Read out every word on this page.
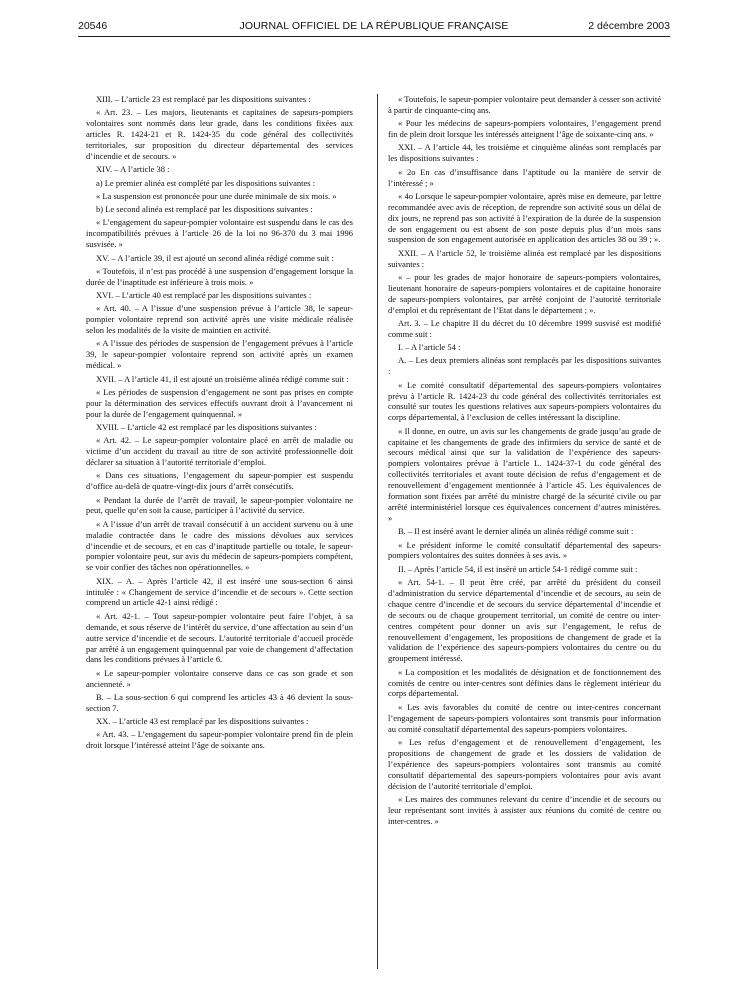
20546	JOURNAL OFFICIEL DE LA RÉPUBLIQUE FRANÇAISE	2 décembre 2003

XIII. – L’article 23 est remplacé par les dispositions suivantes :

« Art. 23. – Les majors, lieutenants et capitaines de sapeurs-pompiers volontaires sont nommés dans leur grade, dans les conditions fixées aux articles R. 1424-21 et R. 1424-35 du code général des collectivités territoriales, sur proposition du directeur départemental des services d’incendie et de secours. »

XIV. – A l’article 38 :

a) Le premier alinéa est complété par les dispositions suivantes :

« La suspension est prononcée pour une durée minimale de six mois. »

b) Le second alinéa est remplacé par les dispositions suivantes :

« L’engagement du sapeur-pompier volontaire est suspendu dans le cas des incompatibilités prévues à l’article 26 de la loi no 96-370 du 3 mai 1996 susvisée. »

XV. – A l’article 39, il est ajouté un second alinéa rédigé comme suit :

« Toutefois, il n’est pas procédé à une suspension d’engagement lorsque la durée de l’inaptitude est inférieure à trois mois. »

XVI. – L’article 40 est remplacé par les dispositions suivantes :

« Art. 40. – A l’issue d’une suspension prévue à l’article 38, le sapeur-pompier volontaire reprend son activité après une visite médicale réalisée selon les modalités de la visite de maintien en activité.

« A l’issue des périodes de suspension de l’engagement prévues à l’article 39, le sapeur-pompier volontaire reprend son activité après un examen médical. »

XVII. – A l’article 41, il est ajouté un troisième alinéa rédigé comme suit :

« Les périodes de suspension d’engagement ne sont pas prises en compte pour la détermination des services effectifs ouvrant droit à l’avancement ni pour la durée de l’engagement quinquennal. »

XVIII. – L’article 42 est remplacé par les dispositions suivantes :

« Art. 42. – Le sapeur-pompier volontaire placé en arrêt de maladie ou victime d’un accident du travail au titre de son activité professionnelle doit déclarer sa situation à l’autorité territoriale d’emploi.

« Dans ces situations, l’engagement du sapeur-pompier est suspendu d’office au-delà de quatre-vingt-dix jours d’arrêt consécutifs.

« Pendant la durée de l’arrêt de travail, le sapeur-pompier volontaire ne peut, quelle qu’en soit la cause, participer à l’activité du service.

« A l’issue d’un arrêt de travail consécutif à un accident survenu ou à une maladie contractée dans le cadre des missions dévolues aux services d’incendie et de secours, et en cas d’inaptitude partielle ou totale, le sapeur-pompier volontaire peut, sur avis du médecin de sapeurs-pompiers compétent, se voir confier des tâches non opérationnelles. »

XIX. – A. – Après l’article 42, il est inséré une sous-section 6 ainsi intitulée : « Changement de service d’incendie et de secours ». Cette section comprend un article 42-1 ainsi rédigé :

« Art. 42-1. – Tout sapeur-pompier volontaire peut faire l’objet, à sa demande, et sous réserve de l’intérêt du service, d’une affectation au sein d’un autre service d’incendie et de secours. L’autorité territoriale d’accueil procède par arrêté à un engagement quinquennal par voie de changement d’affectation dans les conditions prévues à l’article 6.

« Le sapeur-pompier volontaire conserve dans ce cas son grade et son ancienneté. »

B. – La sous-section 6 qui comprend les articles 43 à 46 devient la sous-section 7.

XX. – L’article 43 est remplacé par les dispositions suivantes :

« Art. 43. – L’engagement du sapeur-pompier volontaire prend fin de plein droit lorsque l’intéressé atteint l’âge de soixante ans.

« Toutefois, le sapeur-pompier volontaire peut demander à cesser son activité à partir de cinquante-cinq ans.

« Pour les médecins de sapeurs-pompiers volontaires, l’engagement prend fin de plein droit lorsque les intéressés atteignent l’âge de soixante-cinq ans. »

XXI. – A l’article 44, les troisième et cinquième alinéas sont remplacés par les dispositions suivantes :

« 2o En cas d’insuffisance dans l’aptitude ou la manière de servir de l’intéressé ; »

« 4o Lorsque le sapeur-pompier volontaire, après mise en demeure, par lettre recommandée avec avis de réception, de reprendre son activité sous un délai de dix jours, ne reprend pas son activité à l’expiration de la durée de la suspension de son engagement ou est absent de son poste depuis plus d’un mois sans suspension de son engagement autorisée en application des articles 38 ou 39 ; ».

XXII. – A l’article 52, le troisième alinéa est remplacé par les dispositions suivantes :

« – pour les grades de major honoraire de sapeurs-pompiers volontaires, lieutenant honoraire de sapeurs-pompiers volontaires et de capitaine honoraire de sapeurs-pompiers volontaires, par arrêté conjoint de l’autorité territoriale d’emploi et du représentant de l’Etat dans le département ; ».

Art. 3. – Le chapitre II du décret du 10 décembre 1999 susvisé est modifié comme suit :

I. – A l’article 54 :

A. – Les deux premiers alinéas sont remplacés par les dispositions suivantes :

« Le comité consultatif départemental des sapeurs-pompiers volontaires prévu à l’article R. 1424-23 du code général des collectivités territoriales est consulté sur toutes les questions relatives aux sapeurs-pompiers volontaires du corps départemental, à l’exclusion de celles intéressant la discipline.

« Il donne, en outre, un avis sur les changements de grade jusqu’au grade de capitaine et les changements de grade des infirmiers du service de santé et de secours médical ainsi que sur la validation de l’expérience des sapeurs-pompiers volontaires prévue à l’article L. 1424-37-1 du code général des collectivités territoriales et avant toute décision de refus d’engagement et de renouvellement d’engagement mentionnée à l’article 45. Les équivalences de formation sont fixées par arrêté du ministre chargé de la sécurité civile ou par arrêté interministériel lorsque ces équivalences concernent d’autres ministères. »

B. – Il est inséré avant le dernier alinéa un alinéa rédigé comme suit :

« Le président informe le comité consultatif départemental des sapeurs-pompiers volontaires des suites données à ses avis. »

II. – Après l’article 54, il est inséré un article 54-1 rédigé comme suit :

« Art. 54-1. – Il peut être créé, par arrêté du président du conseil d’administration du service départemental d’incendie et de secours, au sein de chaque centre d’incendie et de secours du service départemental d’incendie et de secours ou de chaque groupement territorial, un comité de centre ou inter-centres compétent pour donner un avis sur l’engagement, le refus de renouvellement d’engagement, les propositions de changement de grade et la validation de l’expérience des sapeurs-pompiers volontaires du centre ou du groupement intéressé.

« La composition et les modalités de désignation et de fonctionnement des comités de centre ou inter-centres sont définies dans le règlement intérieur du corps départemental.

« Les avis favorables du comité de centre ou inter-centres concernant l’engagement de sapeurs-pompiers volontaires sont transmis pour information au comité consultatif départemental des sapeurs-pompiers volontaires.

« Les refus d’engagement et de renouvellement d’engagement, les propositions de changement de grade et les dossiers de validation de l’expérience des sapeurs-pompiers volontaires sont transmis au comité consultatif départemental des sapeurs-pompiers volontaires pour avis avant décision de l’autorité territoriale d’emploi.

« Les maires des communes relevant du centre d’incendie et de secours ou leur représentant sont invités à assister aux réunions du comité de centre ou inter-centres. »
